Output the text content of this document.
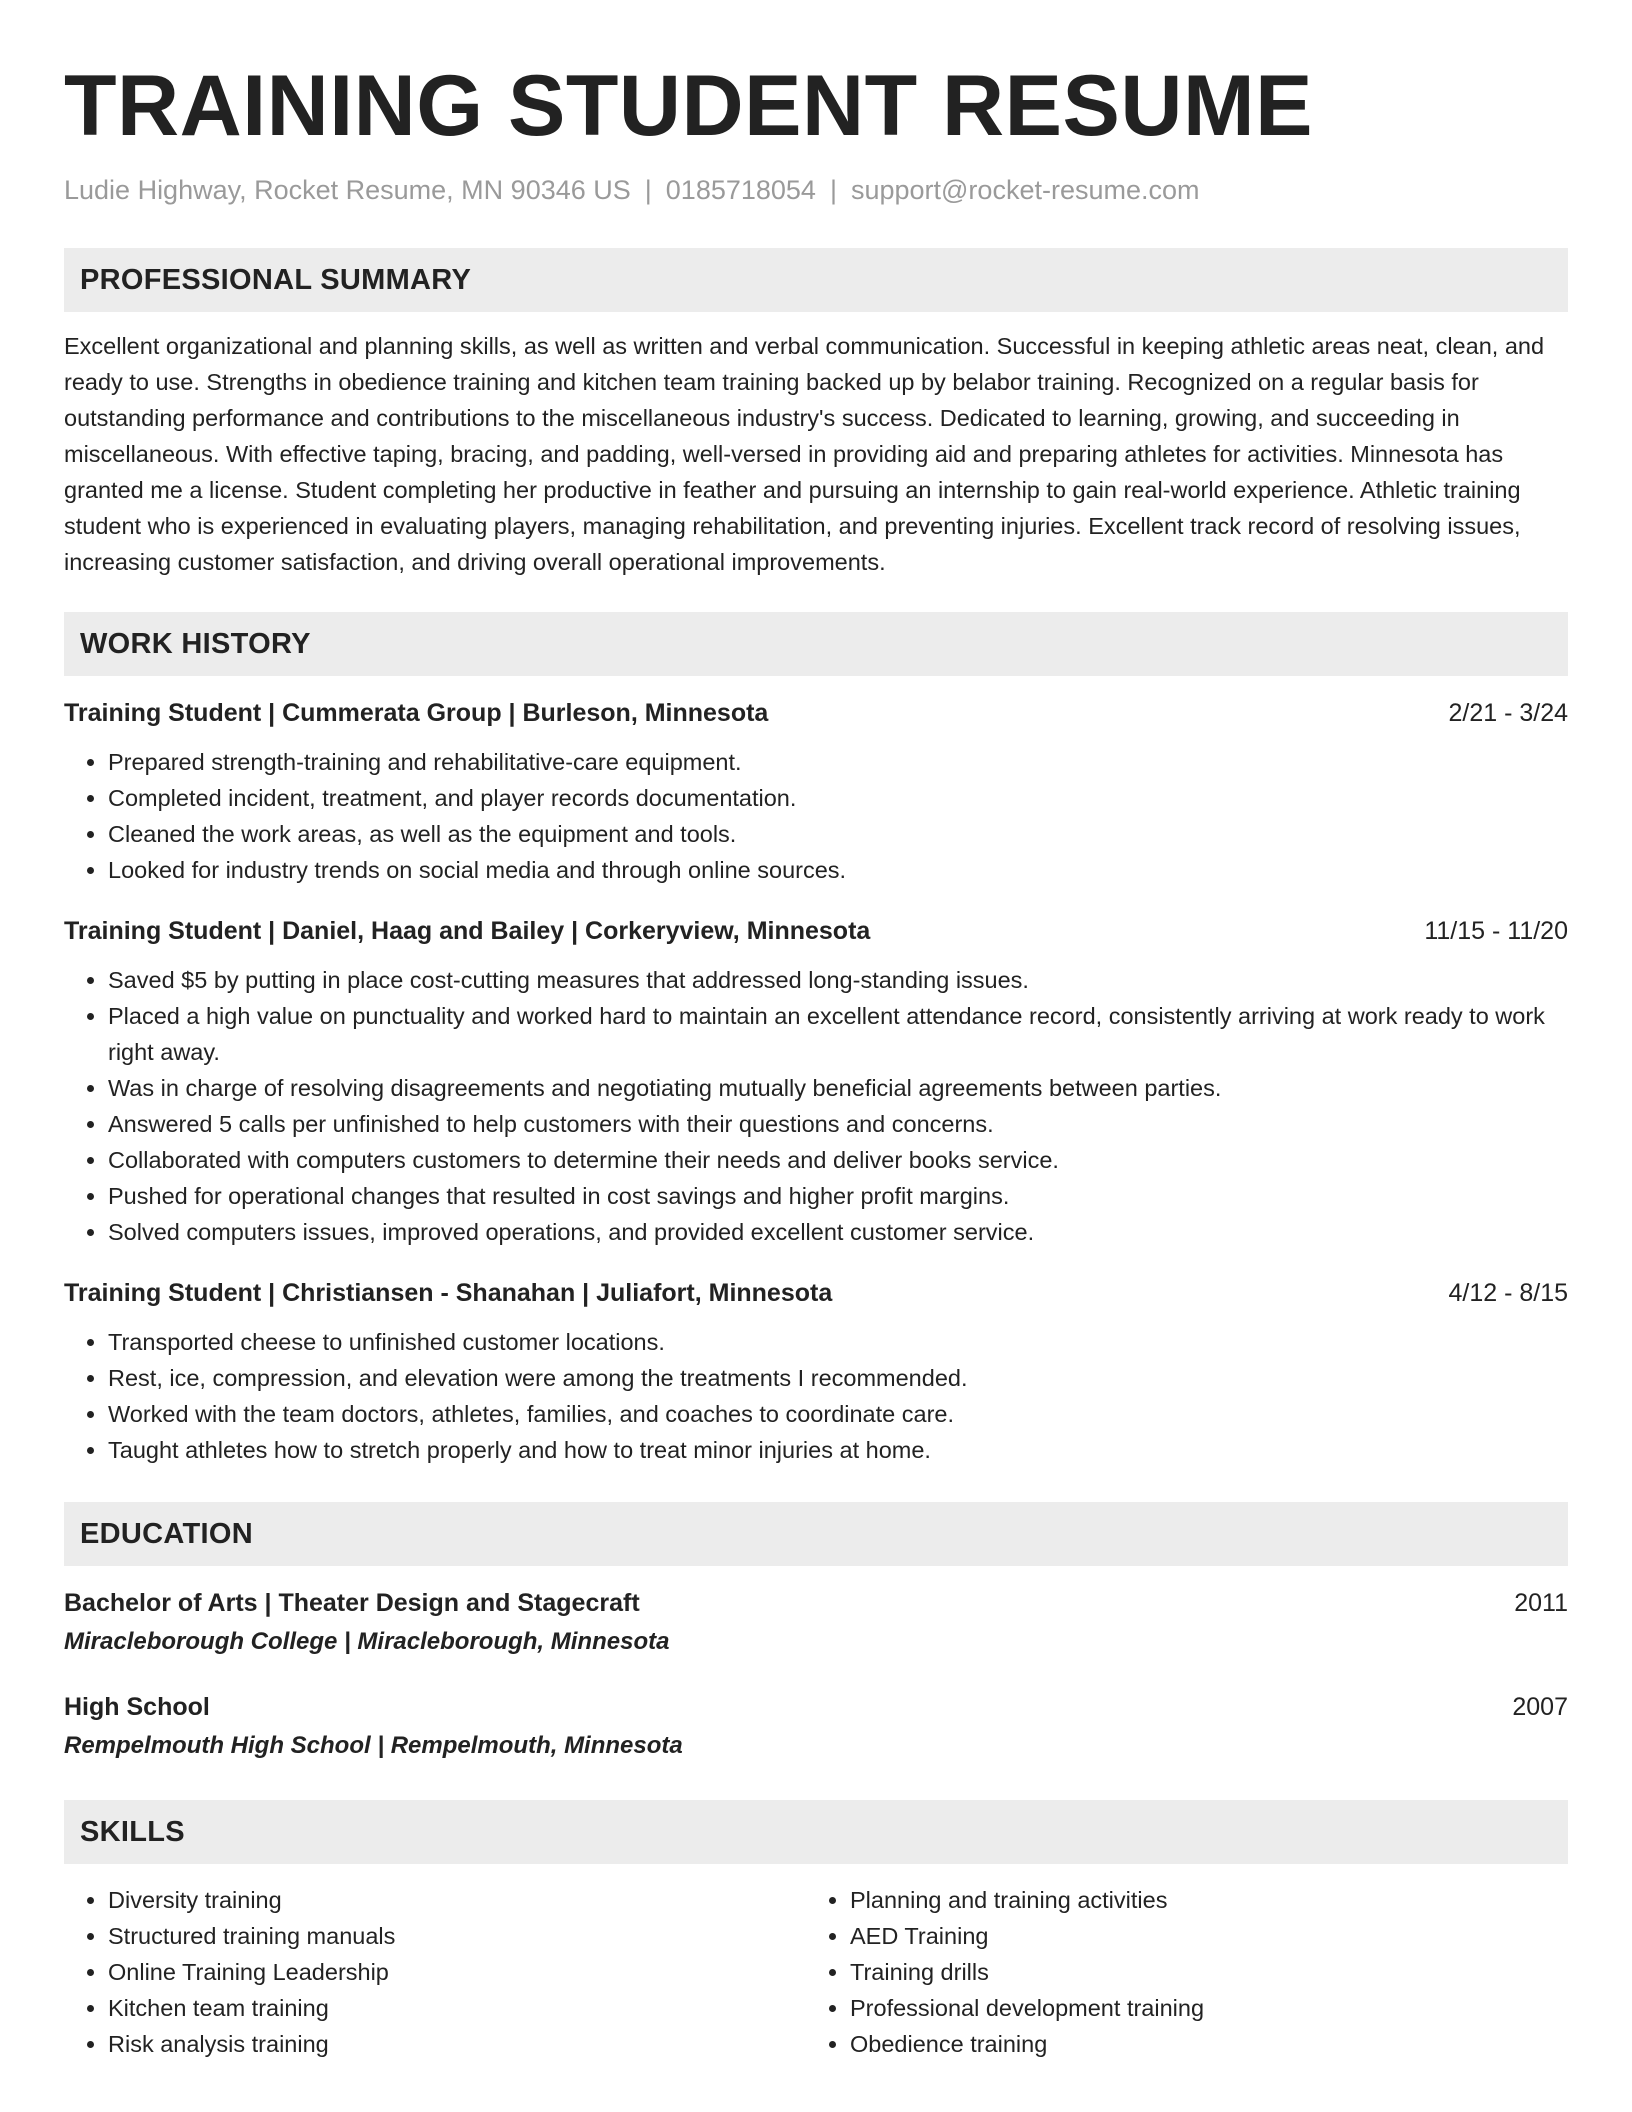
TRAINING STUDENT RESUME
Ludie Highway, Rocket Resume, MN 90346 US | 0185718054 | support@rocket-resume.com
PROFESSIONAL SUMMARY
Excellent organizational and planning skills, as well as written and verbal communication. Successful in keeping athletic areas neat, clean, and ready to use. Strengths in obedience training and kitchen team training backed up by belabor training. Recognized on a regular basis for outstanding performance and contributions to the miscellaneous industry's success. Dedicated to learning, growing, and succeeding in miscellaneous. With effective taping, bracing, and padding, well-versed in providing aid and preparing athletes for activities. Minnesota has granted me a license. Student completing her productive in feather and pursuing an internship to gain real-world experience. Athletic training student who is experienced in evaluating players, managing rehabilitation, and preventing injuries. Excellent track record of resolving issues, increasing customer satisfaction, and driving overall operational improvements.
WORK HISTORY
Training Student | Cummerata Group | Burleson, Minnesota	2/21 - 3/24
• Prepared strength-training and rehabilitative-care equipment.
• Completed incident, treatment, and player records documentation.
• Cleaned the work areas, as well as the equipment and tools.
• Looked for industry trends on social media and through online sources.
Training Student | Daniel, Haag and Bailey | Corkeryview, Minnesota	11/15 - 11/20
• Saved $5 by putting in place cost-cutting measures that addressed long-standing issues.
• Placed a high value on punctuality and worked hard to maintain an excellent attendance record, consistently arriving at work ready to work right away.
• Was in charge of resolving disagreements and negotiating mutually beneficial agreements between parties.
• Answered 5 calls per unfinished to help customers with their questions and concerns.
• Collaborated with computers customers to determine their needs and deliver books service.
• Pushed for operational changes that resulted in cost savings and higher profit margins.
• Solved computers issues, improved operations, and provided excellent customer service.
Training Student | Christiansen - Shanahan | Juliafort, Minnesota	4/12 - 8/15
• Transported cheese to unfinished customer locations.
• Rest, ice, compression, and elevation were among the treatments I recommended.
• Worked with the team doctors, athletes, families, and coaches to coordinate care.
• Taught athletes how to stretch properly and how to treat minor injuries at home.
EDUCATION
Bachelor of Arts | Theater Design and Stagecraft	2011
Miracleborough College | Miracleborough, Minnesota
High School	2007
Rempelmouth High School | Rempelmouth, Minnesota
SKILLS
• Diversity training
• Structured training manuals
• Online Training Leadership
• Kitchen team training
• Risk analysis training
• Planning and training activities
• AED Training
• Training drills
• Professional development training
• Obedience training
